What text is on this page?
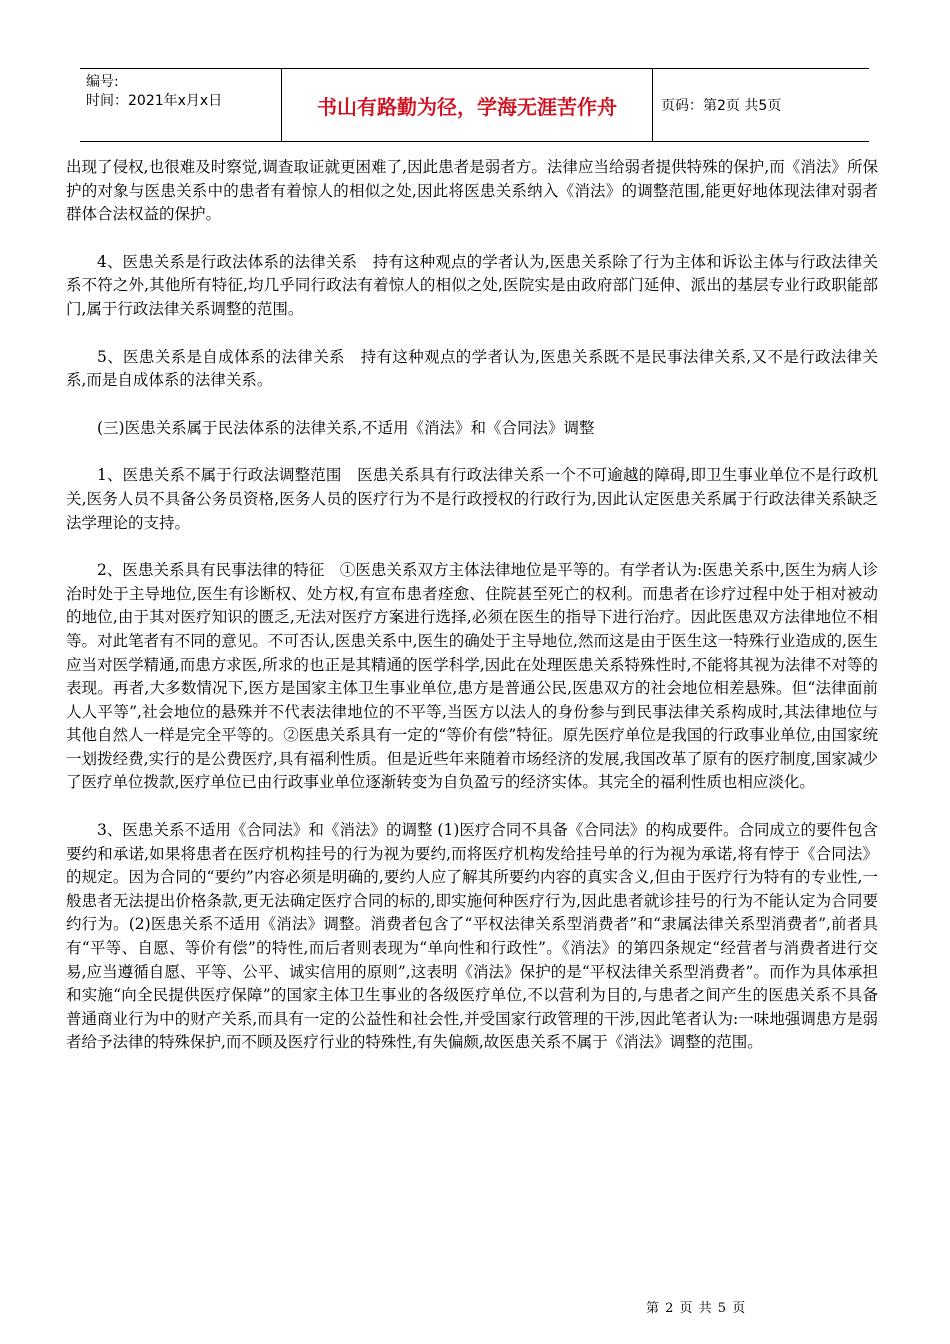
编号:
时间：2021年x月x日	书山有路勤为径，学海无涯苦作舟	页码：第2页 共5页

出现了侵权,也很难及时察觉,调查取证就更困难了,因此患者是弱者方。法律应当给弱者提供特殊的保护,而《消法》所保护的对象与医患关系中的患者有着惊人的相似之处,因此将医患关系纳入《消法》的调整范围,能更好地体现法律对弱者群体合法权益的保护。

4、医患关系是行政法体系的法律关系　持有这种观点的学者认为,医患关系除了行为主体和诉讼主体与行政法律关系不符之外,其他所有特征,均几乎同行政法有着惊人的相似之处,医院实是由政府部门延伸、派出的基层专业行政职能部门,属于行政法律关系调整的范围。

5、医患关系是自成体系的法律关系　持有这种观点的学者认为,医患关系既不是民事法律关系,又不是行政法律关系,而是自成体系的法律关系。

(三)医患关系属于民法体系的法律关系,不适用《消法》和《合同法》调整

1、医患关系不属于行政法调整范围　医患关系具有行政法律关系一个不可逾越的障碍,即卫生事业单位不是行政机关,医务人员不具备公务员资格,医务人员的医疗行为不是行政授权的行政行为,因此认定医患关系属于行政法律关系缺乏法学理论的支持。

2、医患关系具有民事法律的特征　①医患关系双方主体法律地位是平等的。有学者认为:医患关系中,医生为病人诊治时处于主导地位,医生有诊断权、处方权,有宣布患者痊愈、住院甚至死亡的权利。而患者在诊疗过程中处于相对被动的地位,由于其对医疗知识的匮乏,无法对医疗方案进行选择,必须在医生的指导下进行治疗。因此医患双方法律地位不相等。对此笔者有不同的意见。不可否认,医患关系中,医生的确处于主导地位,然而这是由于医生这一特殊行业造成的,医生应当对医学精通,而患方求医,所求的也正是其精通的医学科学,因此在处理医患关系特殊性时,不能将其视为法律不对等的表现。再者,大多数情况下,医方是国家主体卫生事业单位,患方是普通公民,医患双方的社会地位相差悬殊。但“法律面前人人平等”,社会地位的悬殊并不代表法律地位的不平等,当医方以法人的身份参与到民事法律关系构成时,其法律地位与其他自然人一样是完全平等的。②医患关系具有一定的“等价有偿”特征。原先医疗单位是我国的行政事业单位,由国家统一划拨经费,实行的是公费医疗,具有福利性质。但是近些年来随着市场经济的发展,我国改革了原有的医疗制度,国家减少了医疗单位拨款,医疗单位已由行政事业单位逐渐转变为自负盈亏的经济实体。其完全的福利性质也相应淡化。

3、医患关系不适用《合同法》和《消法》的调整 (1)医疗合同不具备《合同法》的构成要件。合同成立的要件包含要约和承诺,如果将患者在医疗机构挂号的行为视为要约,而将医疗机构发给挂号单的行为视为承诺,将有悖于《合同法》的规定。因为合同的“要约”内容必须是明确的,要约人应了解其所要约内容的真实含义,但由于医疗行为特有的专业性,一般患者无法提出价格条款,更无法确定医疗合同的标的,即实施何种医疗行为,因此患者就诊挂号的行为不能认定为合同要约行为。(2)医患关系不适用《消法》调整。消费者包含了“平权法律关系型消费者”和“隶属法律关系型消费者”,前者具有“平等、自愿、等价有偿”的特性,而后者则表现为“单向性和行政性”。《消法》的第四条规定“经营者与消费者进行交易,应当遵循自愿、平等、公平、诚实信用的原则”,这表明《消法》保护的是“平权法律关系型消费者”。而作为具体承担和实施“向全民提供医疗保障”的国家主体卫生事业的各级医疗单位,不以营利为目的,与患者之间产生的医患关系不具备普通商业行为中的财产关系,而具有一定的公益性和社会性,并受国家行政管理的干涉,因此笔者认为:一味地强调患方是弱者给予法律的特殊保护,而不顾及医疗行业的特殊性,有失偏颇,故医患关系不属于《消法》调整的范围。

第 2 页 共 5 页
